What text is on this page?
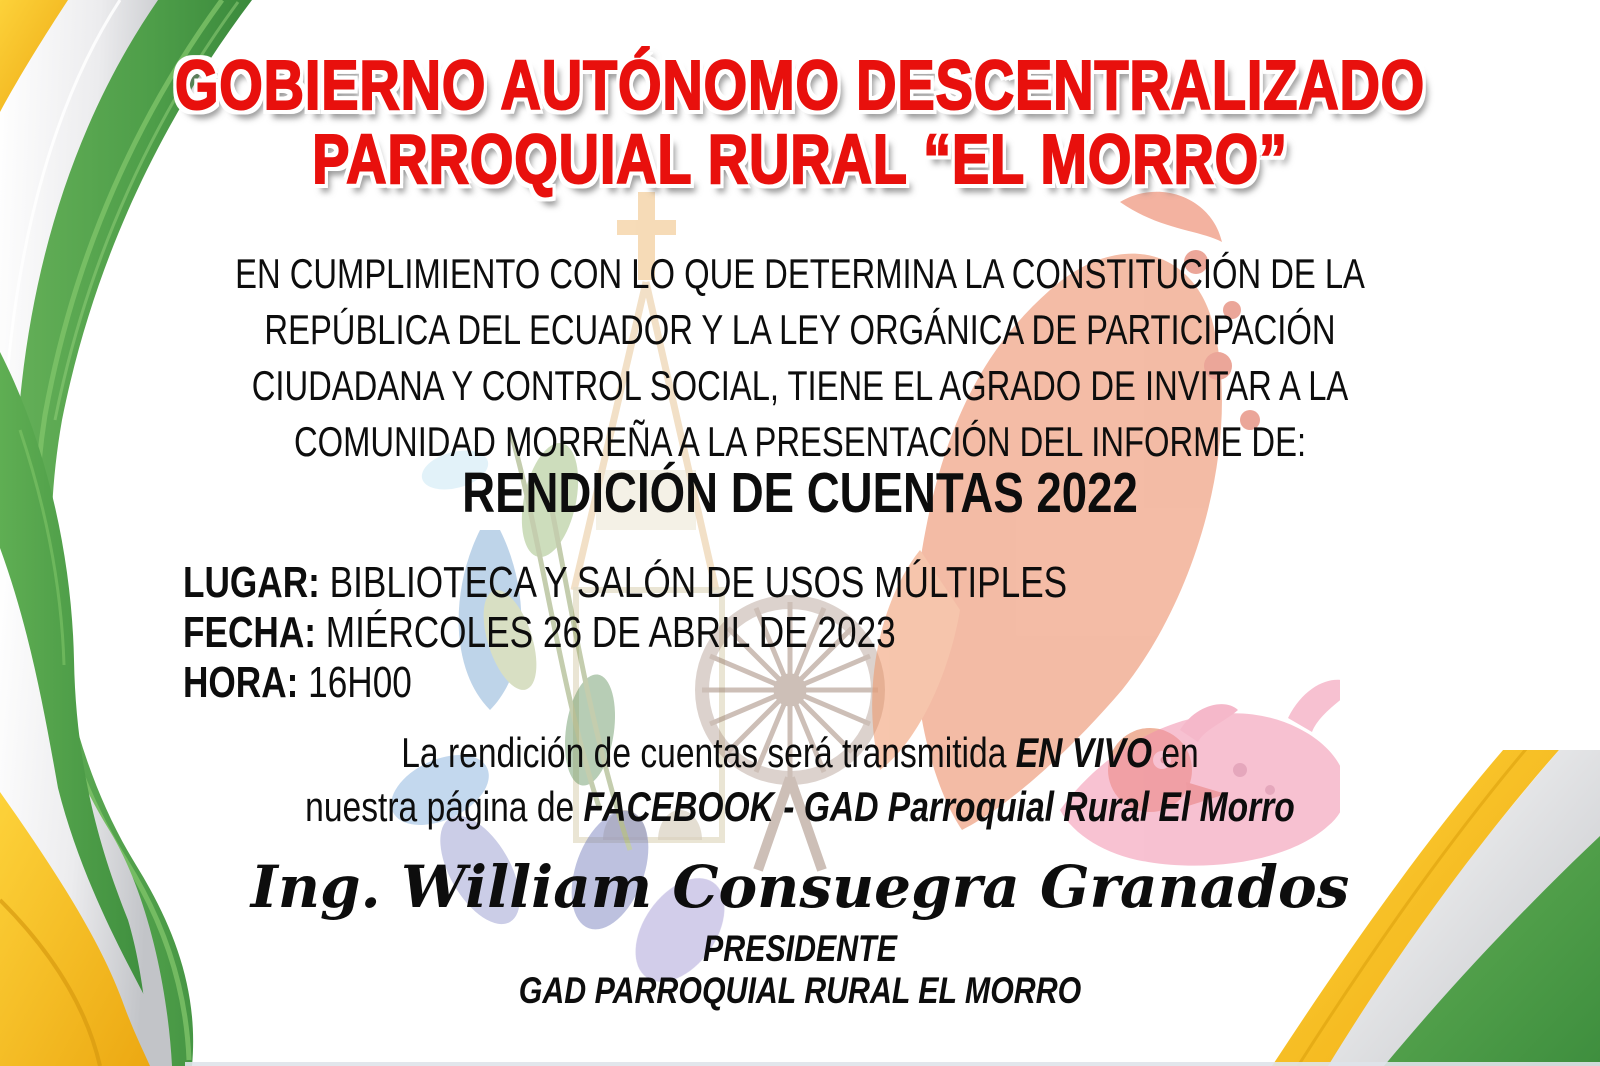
GOBIERNO AUTÓNOMO DESCENTRALIZADO
PARROQUIAL RURAL “EL MORRO”
EN CUMPLIMIENTO CON LO QUE DETERMINA LA CONSTITUCIÓN DE LA
REPÚBLICA DEL ECUADOR Y LA LEY ORGÁNICA DE PARTICIPACIÓN
CIUDADANA Y CONTROL SOCIAL, TIENE EL AGRADO DE INVITAR A LA
COMUNIDAD MORREÑA A LA PRESENTACIÓN DEL INFORME DE:
RENDICIÓN DE CUENTAS 2022
LUGAR: BIBLIOTECA Y SALÓN DE USOS MÚLTIPLES
FECHA: MIÉRCOLES 26 DE ABRIL DE 2023
HORA: 16H00
La rendición de cuentas será transmitida EN VIVO en
nuestra página de FACEBOOK - GAD Parroquial Rural El Morro
Ing. William Consuegra Granados
PRESIDENTE
GAD PARROQUIAL RURAL EL MORRO
